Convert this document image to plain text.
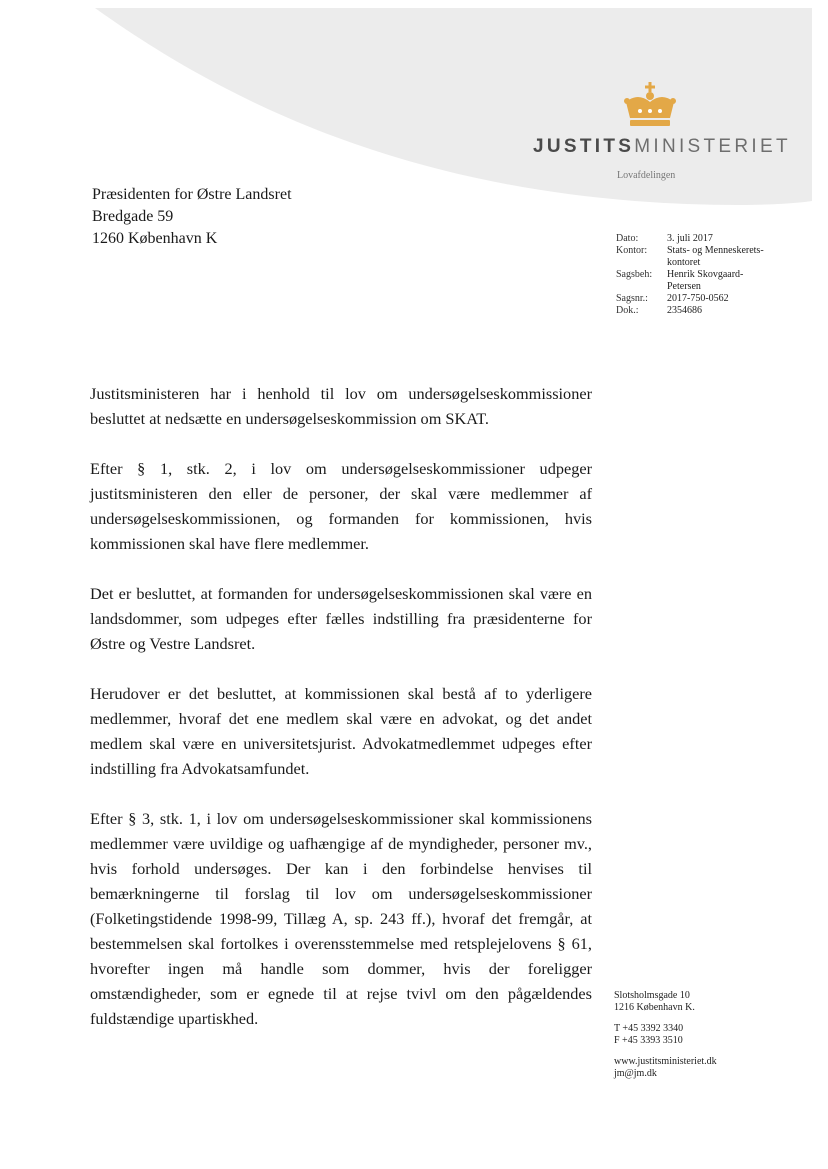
JUSTITSMINISTERIET
Lovafdelingen
Præsidenten for Østre Landsret
Bredgade 59
1260 København K	Dato:	3. juli 2017
Kontor:	Stats- og Menneskerets-
	kontoret
Sagsbeh:	Henrik Skovgaard-
	Petersen
Sagsnr.:	2017-750-0562
Dok.:	2354686

Justitsministeren har i henhold til lov om undersøgelseskommissioner besluttet at nedsætte en undersøgelseskommission om SKAT.

Efter § 1, stk. 2, i lov om undersøgelseskommissioner udpeger justitsministeren den eller de personer, der skal være medlemmer af undersøgelseskommissionen, og formanden for kommissionen, hvis kommissionen skal have flere medlemmer.

Det er besluttet, at formanden for undersøgelseskommissionen skal være en landsdommer, som udpeges efter fælles indstilling fra præsidenterne for Østre og Vestre Landsret.

Herudover er det besluttet, at kommissionen skal bestå af to yderligere medlemmer, hvoraf det ene medlem skal være en advokat, og det andet medlem skal være en universitetsjurist. Advokatmedlemmet udpeges efter indstilling fra Advokatsamfundet.

Efter § 3, stk. 1, i lov om undersøgelseskommissioner skal kommissionens medlemmer være uvildige og uafhængige af de myndigheder, personer mv., hvis forhold undersøges. Der kan i den forbindelse henvises til bemærkningerne til forslag til lov om undersøgelseskommissioner (Folketingstidende 1998-99, Tillæg A, sp. 243 ff.), hvoraf det fremgår, at bestemmelsen skal fortolkes i overensstemmelse med retsplejelovens § 61, hvorefter ingen må handle som dommer, hvis der foreligger omstændigheder, som er egnede til at rejse tvivl om den pågældendes fuldstændige upartiskhed.

Slotsholmsgade 10
1216 København K.
T +45 3392 3340
F +45 3393 3510
www.justitsministeriet.dk
jm@jm.dk
